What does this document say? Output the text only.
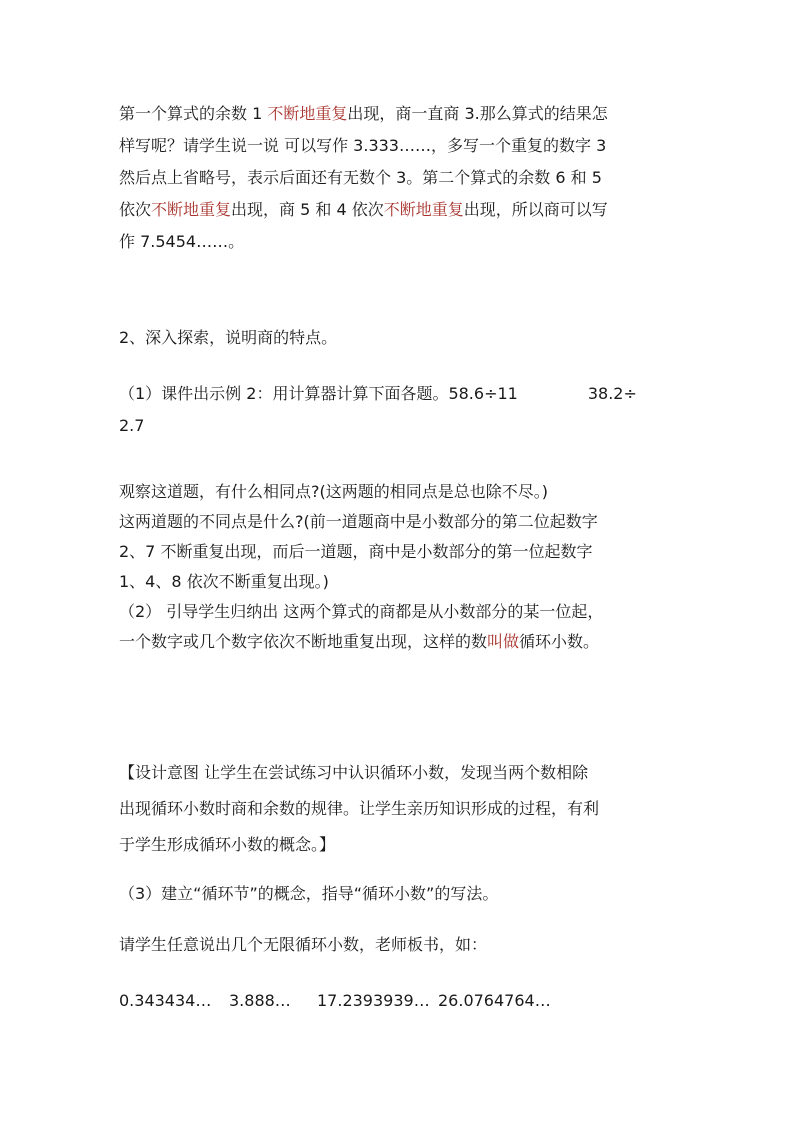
第一个算式的余数 1 不断地重复出现，商一直商 3.那么算式的结果怎
样写呢？请学生说一说 可以写作 3.333……，多写一个重复的数字 3
然后点上省略号，表示后面还有无数个 3。第二个算式的余数 6 和 5
依次不断地重复出现，商 5 和 4 依次不断地重复出现，所以商可以写
作 7.5454……。
2、深入探索，说明商的特点。
（1）课件出示例 2：用计算器计算下面各题。58.6÷11	38.2÷
2.7
观察这道题，有什么相同点?(这两题的相同点是总也除不尽。)
这两道题的不同点是什么?(前一道题商中是小数部分的第二位起数字
2、7 不断重复出现，而后一道题，商中是小数部分的第一位起数字
1、4、8 依次不断重复出现。)
（2） 引导学生归纳出 这两个算式的商都是从小数部分的某一位起，
一个数字或几个数字依次不断地重复出现，这样的数叫做循环小数。
【设计意图 让学生在尝试练习中认识循环小数，发现当两个数相除
出现循环小数时商和余数的规律。让学生亲历知识形成的过程，有利
于学生形成循环小数的概念。】
（3）建立“循环节”的概念，指导“循环小数”的写法。
请学生任意说出几个无限循环小数，老师板书，如：
0.343434… 3.888… 17.2393939… 26.0764764…
